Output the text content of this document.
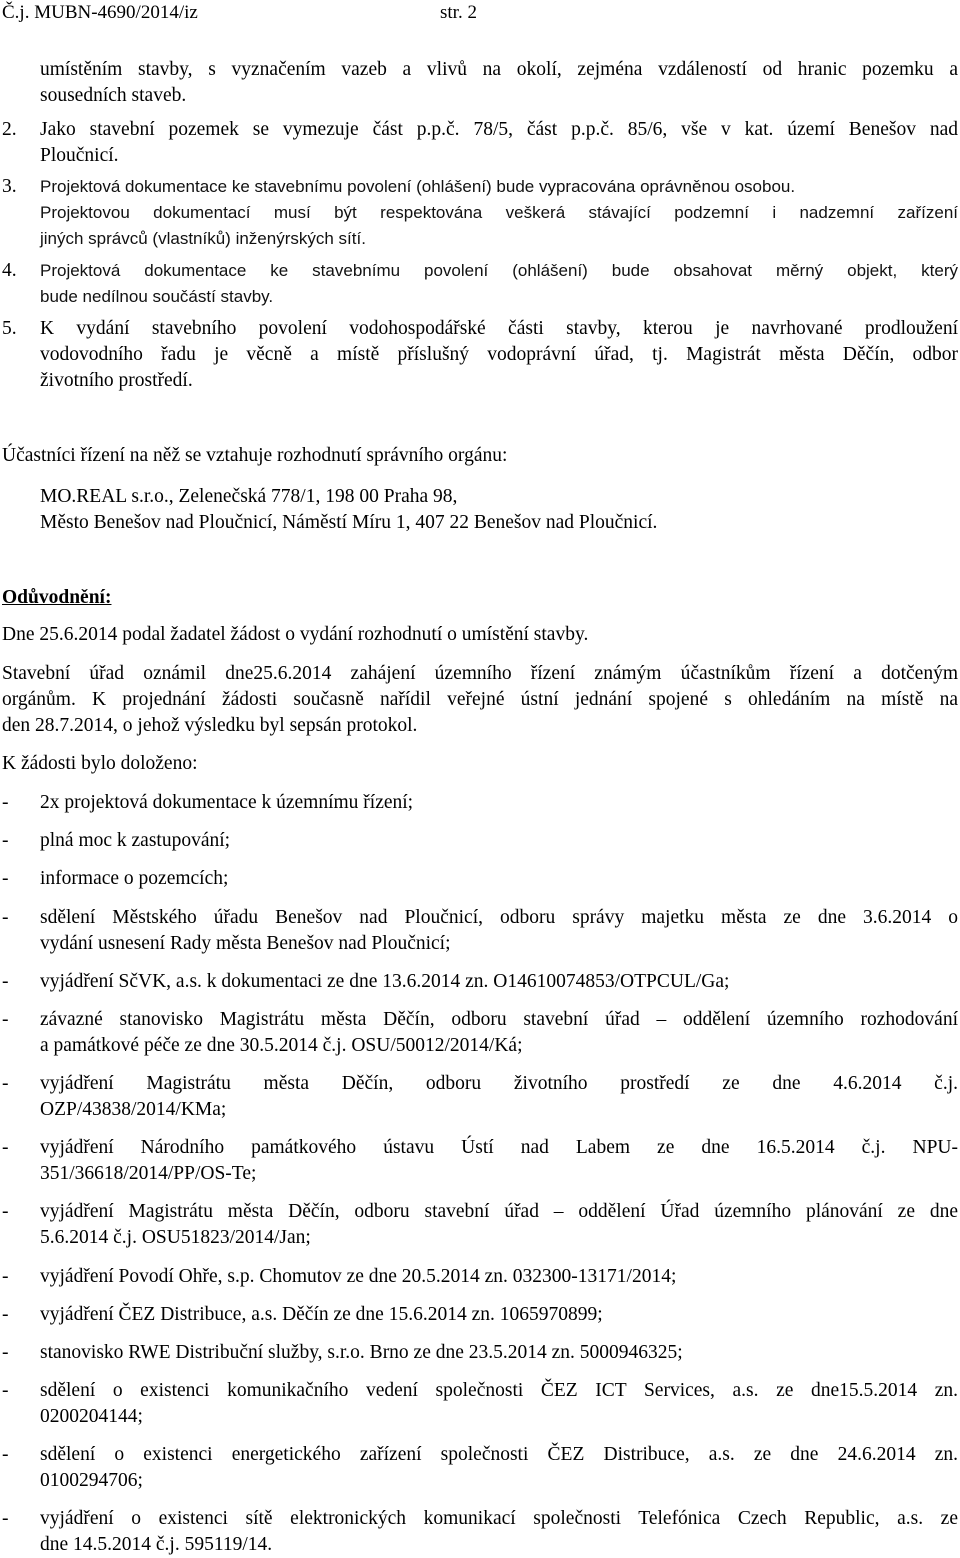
Č.j. MUBN-4690/2014/iz	str. 2
umístěním stavby, s vyznačením vazeb a vlivů na okolí, zejména vzdáleností od hranic pozemku a
sousedních staveb.
2. Jako stavební pozemek se vymezuje část p.p.č. 78/5, část p.p.č. 85/6, vše v kat. území Benešov nad
Ploučnicí.
3. Projektová dokumentace ke stavebnímu povolení (ohlášení) bude vypracována oprávněnou osobou.
Projektovou dokumentací musí být respektována veškerá stávající podzemní i nadzemní zařízení
jiných správců (vlastníků) inženýrských sítí.
4. Projektová dokumentace ke stavebnímu povolení (ohlášení) bude obsahovat měrný objekt, který
bude nedílnou součástí stavby.
5. K vydání stavebního povolení vodohospodářské části stavby, kterou je navrhované prodloužení
vodovodního řadu je věcně a místě příslušný vodoprávní úřad, tj. Magistrát města Děčín, odbor
životního prostředí.
Účastníci řízení na něž se vztahuje rozhodnutí správního orgánu:
MO.REAL s.r.o., Zelenečská 778/1, 198 00 Praha 98,
Město Benešov nad Ploučnicí, Náměstí Míru 1, 407 22 Benešov nad Ploučnicí.
Odůvodnění:
Dne 25.6.2014 podal žadatel žádost o vydání rozhodnutí o umístění stavby.
Stavební úřad oznámil dne25.6.2014 zahájení územního řízení známým účastníkům řízení a dotčeným
orgánům. K projednání žádosti současně nařídil veřejné ústní jednání spojené s ohledáním na místě na
den 28.7.2014, o jehož výsledku byl sepsán protokol.
K žádosti bylo doloženo:
- 2x projektová dokumentace k územnímu řízení;
- plná moc k zastupování;
- informace o pozemcích;
- sdělení Městského úřadu Benešov nad Ploučnicí, odboru správy majetku města ze dne 3.6.2014 o
vydání usnesení Rady města Benešov nad Ploučnicí;
- vyjádření SčVK, a.s. k dokumentaci ze dne 13.6.2014 zn. O14610074853/OTPCUL/Ga;
- závazné stanovisko Magistrátu města Děčín, odboru stavební úřad – oddělení územního rozhodování
a památkové péče ze dne 30.5.2014 č.j. OSU/50012/2014/Ká;
- vyjádření Magistrátu města Děčín, odboru životního prostředí ze dne 4.6.2014 č.j.
OZP/43838/2014/KMa;
- vyjádření Národního památkového ústavu Ústí nad Labem ze dne 16.5.2014 č.j. NPU-
351/36618/2014/PP/OS-Te;
- vyjádření Magistrátu města Děčín, odboru stavební úřad – oddělení Úřad územního plánování ze dne
5.6.2014 č.j. OSU51823/2014/Jan;
- vyjádření Povodí Ohře, s.p. Chomutov ze dne 20.5.2014 zn. 032300-13171/2014;
- vyjádření ČEZ Distribuce, a.s. Děčín ze dne 15.6.2014 zn. 1065970899;
- stanovisko RWE Distribuční služby, s.r.o. Brno ze dne 23.5.2014 zn. 5000946325;
- sdělení o existenci komunikačního vedení společnosti ČEZ ICT Services, a.s. ze dne15.5.2014 zn.
0200204144;
- sdělení o existenci energetického zařízení společnosti ČEZ Distribuce, a.s. ze dne 24.6.2014 zn.
0100294706;
- vyjádření o existenci sítě elektronických komunikací společnosti Telefónica Czech Republic, a.s. ze
dne 14.5.2014 č.j. 595119/14.
